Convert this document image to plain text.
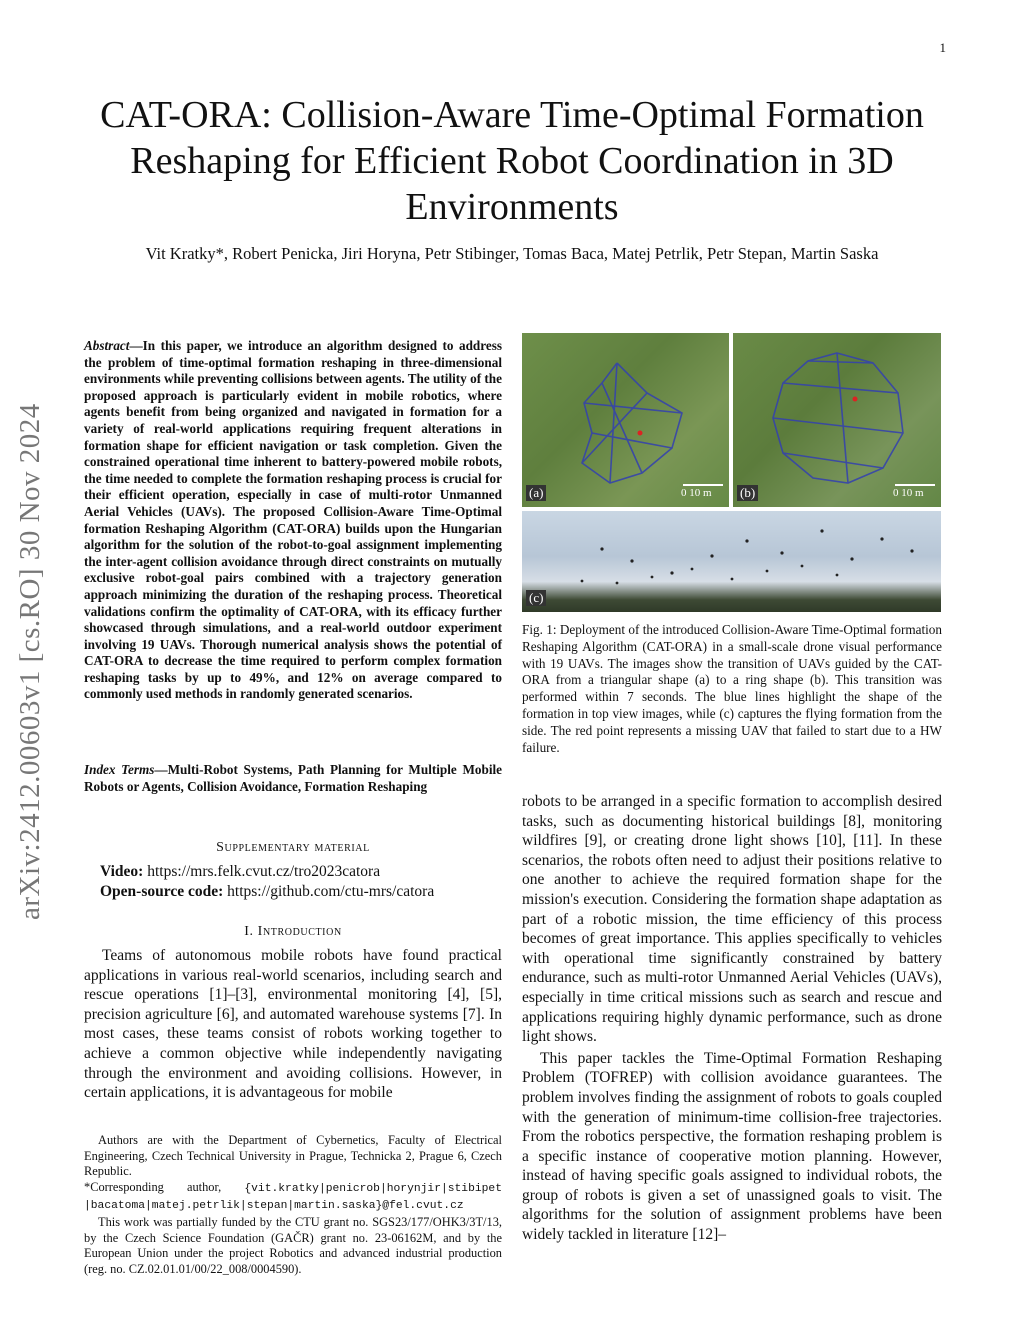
1
CAT-ORA: Collision-Aware Time-Optimal Formation Reshaping for Efficient Robot Coordination in 3D Environments
Vit Kratky*, Robert Penicka, Jiri Horyna, Petr Stibinger, Tomas Baca, Matej Petrlik, Petr Stepan, Martin Saska
arXiv:2412.00603v1 [cs.RO] 30 Nov 2024
Abstract—In this paper, we introduce an algorithm designed to address the problem of time-optimal formation reshaping in three-dimensional environments while preventing collisions between agents. The utility of the proposed approach is particularly evident in mobile robotics, where agents benefit from being organized and navigated in formation for a variety of real-world applications requiring frequent alterations in formation shape for efficient navigation or task completion. Given the constrained operational time inherent to battery-powered mobile robots, the time needed to complete the formation reshaping process is crucial for their efficient operation, especially in case of multi-rotor Unmanned Aerial Vehicles (UAVs). The proposed Collision-Aware Time-Optimal formation Reshaping Algorithm (CAT-ORA) builds upon the Hungarian algorithm for the solution of the robot-to-goal assignment implementing the inter-agent collision avoidance through direct constraints on mutually exclusive robot-goal pairs combined with a trajectory generation approach minimizing the duration of the reshaping process. Theoretical validations confirm the optimality of CAT-ORA, with its efficacy further showcased through simulations, and a real-world outdoor experiment involving 19 UAVs. Thorough numerical analysis shows the potential of CAT-ORA to decrease the time required to perform complex formation reshaping tasks by up to 49%, and 12% on average compared to commonly used methods in randomly generated scenarios.
Index Terms—Multi-Robot Systems, Path Planning for Multiple Mobile Robots or Agents, Collision Avoidance, Formation Reshaping
Supplementary material
Video: https://mrs.felk.cvut.cz/tro2023catora
Open-source code: https://github.com/ctu-mrs/catora
I. Introduction

Teams of autonomous mobile robots have found practical applications in various real-world scenarios, including search and rescue operations [1]–[3], environmental monitoring [4], [5], precision agriculture [6], and automated warehouse systems [7]. In most cases, these teams consist of robots working together to achieve a common objective while independently navigating through the environment and avoiding collisions. However, in certain applications, it is advantageous for mobile

Authors are with the Department of Cybernetics, Faculty of Electrical Engineering, Czech Technical University in Prague, Technicka 2, Prague 6, Czech Republic.
*Corresponding author, {vit.kratky|penicrob|horynjir|stibipet |bacatoma|matej.petrlik|stepan|martin.saska}@fel.cvut.cz
This work was partially funded by the CTU grant no. SGS23/177/OHK3/3T/13, by the Czech Science Foundation (GAČR) grant no. 23-06162M, and by the European Union under the project Robotics and advanced industrial production (reg. no. CZ.02.01.01/00/22_008/0004590).
(a)	0 10 m	(b)	0 10 m
(c)
Fig. 1: Deployment of the introduced Collision-Aware Time-Optimal formation Reshaping Algorithm (CAT-ORA) in a small-scale drone visual performance with 19 UAVs. The images show the transition of UAVs guided by the CAT-ORA from a triangular shape (a) to a ring shape (b). This transition was performed within 7 seconds. The blue lines highlight the shape of the formation in top view images, while (c) captures the flying formation from the side. The red point represents a missing UAV that failed to start due to a HW failure.

robots to be arranged in a specific formation to accomplish desired tasks, such as documenting historical buildings [8], monitoring wildfires [9], or creating drone light shows [10], [11]. In these scenarios, the robots often need to adjust their positions relative to one another to achieve the required formation shape for the mission's execution. Considering the formation shape adaptation as part of a robotic mission, the time efficiency of this process becomes of great importance. This applies specifically to vehicles with operational time significantly constrained by battery endurance, such as multi-rotor Unmanned Aerial Vehicles (UAVs), especially in time critical missions such as search and rescue and applications requiring highly dynamic performance, such as drone light shows.

This paper tackles the Time-Optimal Formation Reshaping Problem (TOFREP) with collision avoidance guarantees. The problem involves finding the assignment of robots to goals coupled with the generation of minimum-time collision-free trajectories. From the robotics perspective, the formation reshaping problem is a specific instance of cooperative motion planning. However, instead of having specific goals assigned to individual robots, the group of robots is given a set of unassigned goals to visit. The algorithms for the solution of assignment problems have been widely tackled in literature [12]–
